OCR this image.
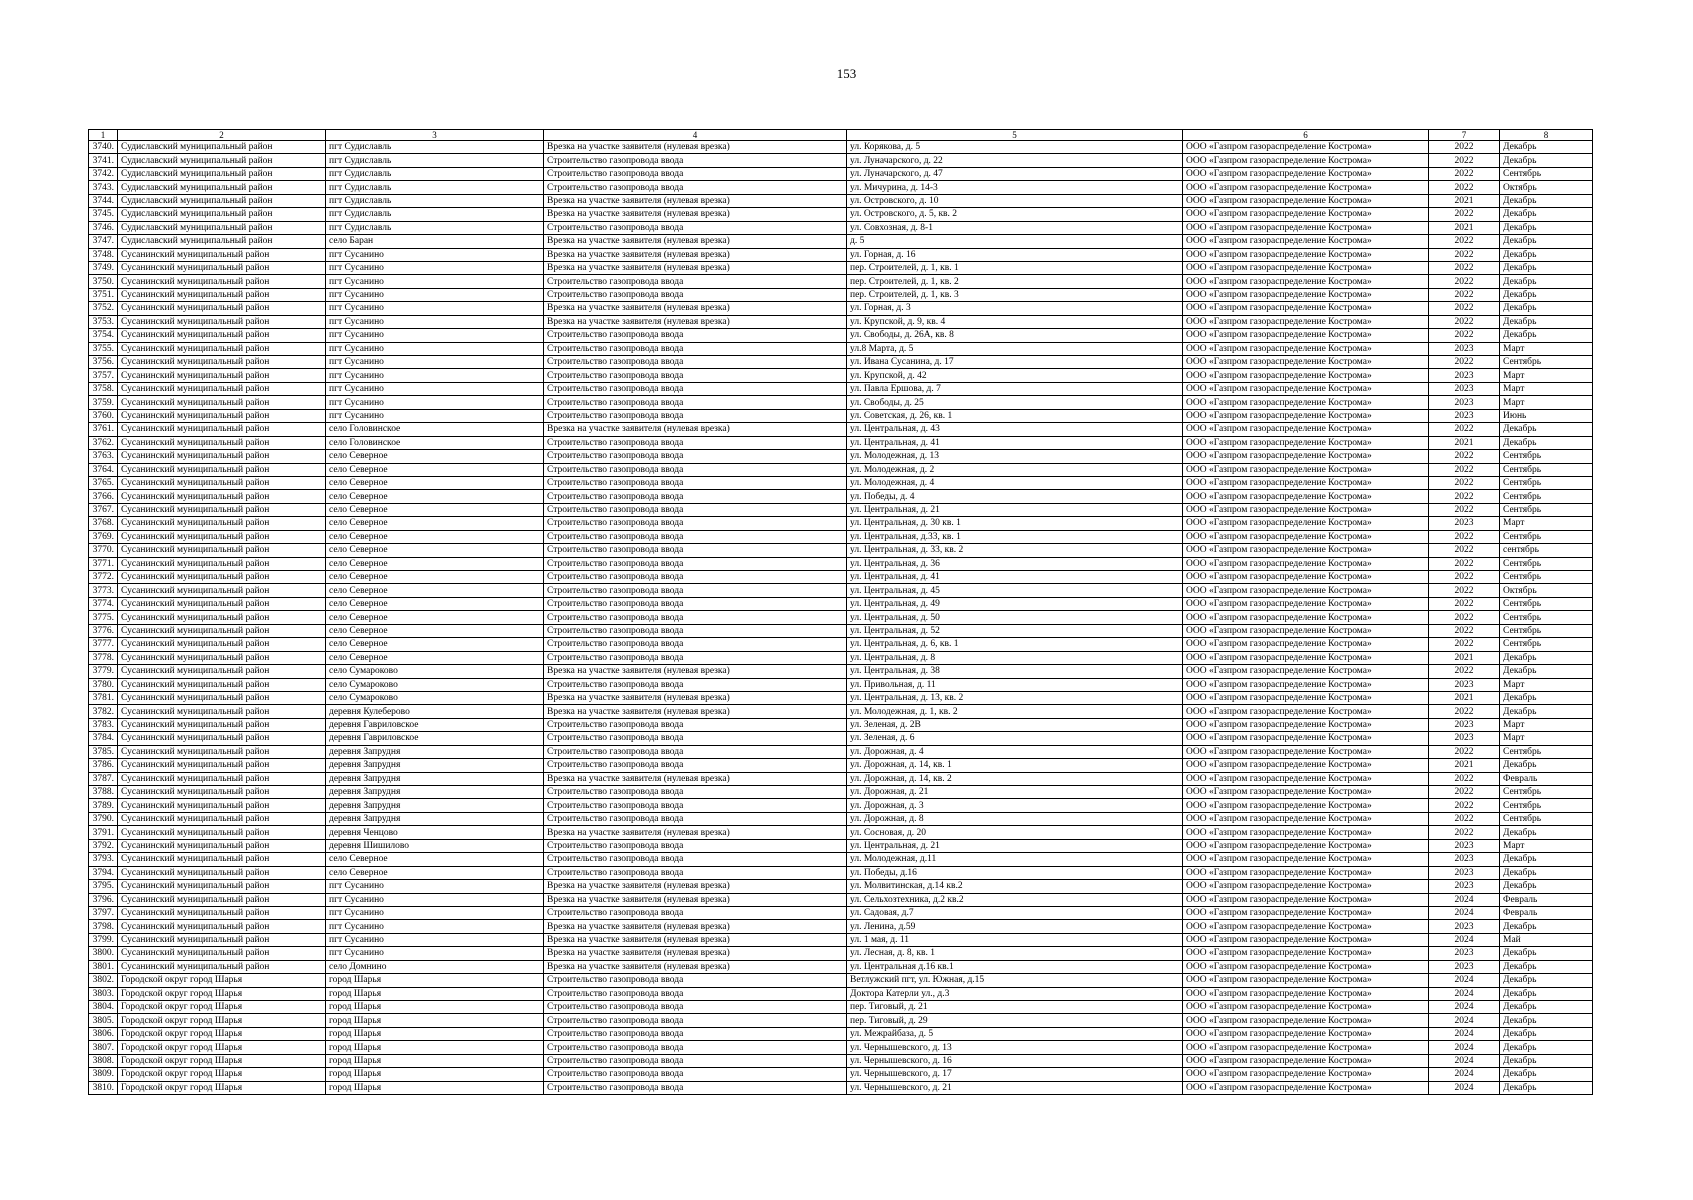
153
1	2	3	4	5	6	7	8
3740.	Судиславский муниципальный район	пгт Судиславль	Врезка на участке заявителя (нулевая врезка)	ул. Корякова, д. 5	ООО «Газпром газораспределение Кострома»	2022	Декабрь
3741.	Судиславский муниципальный район	пгт Судиславль	Строительство газопровода ввода	ул. Луначарского, д. 22	ООО «Газпром газораспределение Кострома»	2022	Декабрь
3742.	Судиславский муниципальный район	пгт Судиславль	Строительство газопровода ввода	ул. Луначарского, д. 47	ООО «Газпром газораспределение Кострома»	2022	Сентябрь
3743.	Судиславский муниципальный район	пгт Судиславль	Строительство газопровода ввода	ул. Мичурина, д. 14-3	ООО «Газпром газораспределение Кострома»	2022	Октябрь
3744.	Судиславский муниципальный район	пгт Судиславль	Врезка на участке заявителя (нулевая врезка)	ул. Островского, д. 10	ООО «Газпром газораспределение Кострома»	2021	Декабрь
3745.	Судиславский муниципальный район	пгт Судиславль	Врезка на участке заявителя (нулевая врезка)	ул. Островского, д. 5, кв. 2	ООО «Газпром газораспределение Кострома»	2022	Декабрь
3746.	Судиславский муниципальный район	пгт Судиславль	Строительство газопровода ввода	ул. Совхозная, д. 8-1	ООО «Газпром газораспределение Кострома»	2021	Декабрь
3747.	Судиславский муниципальный район	село Баран	Врезка на участке заявителя (нулевая врезка)	д. 5	ООО «Газпром газораспределение Кострома»	2022	Декабрь
3748.	Сусанинский муниципальный район	пгт Сусанино	Врезка на участке заявителя (нулевая врезка)	ул. Горная, д. 16	ООО «Газпром газораспределение Кострома»	2022	Декабрь
3749.	Сусанинский муниципальный район	пгт Сусанино	Врезка на участке заявителя (нулевая врезка)	пер. Строителей, д. 1, кв. 1	ООО «Газпром газораспределение Кострома»	2022	Декабрь
3750.	Сусанинский муниципальный район	пгт Сусанино	Строительство газопровода ввода	пер. Строителей, д. 1, кв. 2	ООО «Газпром газораспределение Кострома»	2022	Декабрь
3751.	Сусанинский муниципальный район	пгт Сусанино	Строительство газопровода ввода	пер. Строителей, д. 1, кв. 3	ООО «Газпром газораспределение Кострома»	2022	Декабрь
3752.	Сусанинский муниципальный район	пгт Сусанино	Врезка на участке заявителя (нулевая врезка)	ул. Горная, д. 3	ООО «Газпром газораспределение Кострома»	2022	Декабрь
3753.	Сусанинский муниципальный район	пгт Сусанино	Врезка на участке заявителя (нулевая врезка)	ул. Крупской, д. 9, кв. 4	ООО «Газпром газораспределение Кострома»	2022	Декабрь
3754.	Сусанинский муниципальный район	пгт Сусанино	Строительство газопровода ввода	ул. Свободы, д. 26А, кв. 8	ООО «Газпром газораспределение Кострома»	2022	Декабрь
3755.	Сусанинский муниципальный район	пгт Сусанино	Строительство газопровода ввода	ул.8 Марта, д. 5	ООО «Газпром газораспределение Кострома»	2023	Март
3756.	Сусанинский муниципальный район	пгт Сусанино	Строительство газопровода ввода	ул. Ивана Сусанина, д. 17	ООО «Газпром газораспределение Кострома»	2022	Сентябрь
3757.	Сусанинский муниципальный район	пгт Сусанино	Строительство газопровода ввода	ул. Крупской, д. 42	ООО «Газпром газораспределение Кострома»	2023	Март
3758.	Сусанинский муниципальный район	пгт Сусанино	Строительство газопровода ввода	ул. Павла Ершова, д. 7	ООО «Газпром газораспределение Кострома»	2023	Март
3759.	Сусанинский муниципальный район	пгт Сусанино	Строительство газопровода ввода	ул. Свободы, д. 25	ООО «Газпром газораспределение Кострома»	2023	Март
3760.	Сусанинский муниципальный район	пгт Сусанино	Строительство газопровода ввода	ул. Советская, д. 26, кв. 1	ООО «Газпром газораспределение Кострома»	2023	Июнь
3761.	Сусанинский муниципальный район	село Головинское	Врезка на участке заявителя (нулевая врезка)	ул. Центральная, д. 43	ООО «Газпром газораспределение Кострома»	2022	Декабрь
3762.	Сусанинский муниципальный район	село Головинское	Строительство газопровода ввода	ул. Центральная, д. 41	ООО «Газпром газораспределение Кострома»	2021	Декабрь
3763.	Сусанинский муниципальный район	село Северное	Строительство газопровода ввода	ул. Молодежная, д. 13	ООО «Газпром газораспределение Кострома»	2022	Сентябрь
3764.	Сусанинский муниципальный район	село Северное	Строительство газопровода ввода	ул. Молодежная, д. 2	ООО «Газпром газораспределение Кострома»	2022	Сентябрь
3765.	Сусанинский муниципальный район	село Северное	Строительство газопровода ввода	ул. Молодежная, д. 4	ООО «Газпром газораспределение Кострома»	2022	Сентябрь
3766.	Сусанинский муниципальный район	село Северное	Строительство газопровода ввода	ул. Победы, д. 4	ООО «Газпром газораспределение Кострома»	2022	Сентябрь
3767.	Сусанинский муниципальный район	село Северное	Строительство газопровода ввода	ул. Центральная, д. 21	ООО «Газпром газораспределение Кострома»	2022	Сентябрь
3768.	Сусанинский муниципальный район	село Северное	Строительство газопровода ввода	ул. Центральная, д. 30 кв. 1	ООО «Газпром газораспределение Кострома»	2023	Март
3769.	Сусанинский муниципальный район	село Северное	Строительство газопровода ввода	ул. Центральная, д.33, кв. 1	ООО «Газпром газораспределение Кострома»	2022	Сентябрь
3770.	Сусанинский муниципальный район	село Северное	Строительство газопровода ввода	ул. Центральная, д. 33, кв. 2	ООО «Газпром газораспределение Кострома»	2022	сентябрь
3771.	Сусанинский муниципальный район	село Северное	Строительство газопровода ввода	ул. Центральная, д. 36	ООО «Газпром газораспределение Кострома»	2022	Сентябрь
3772.	Сусанинский муниципальный район	село Северное	Строительство газопровода ввода	ул. Центральная, д. 41	ООО «Газпром газораспределение Кострома»	2022	Сентябрь
3773.	Сусанинский муниципальный район	село Северное	Строительство газопровода ввода	ул. Центральная, д. 45	ООО «Газпром газораспределение Кострома»	2022	Октябрь
3774.	Сусанинский муниципальный район	село Северное	Строительство газопровода ввода	ул. Центральная, д. 49	ООО «Газпром газораспределение Кострома»	2022	Сентябрь
3775.	Сусанинский муниципальный район	село Северное	Строительство газопровода ввода	ул. Центральная, д. 50	ООО «Газпром газораспределение Кострома»	2022	Сентябрь
3776.	Сусанинский муниципальный район	село Северное	Строительство газопровода ввода	ул. Центральная, д. 52	ООО «Газпром газораспределение Кострома»	2022	Сентябрь
3777.	Сусанинский муниципальный район	село Северное	Строительство газопровода ввода	ул. Центральная, д. 6, кв. 1	ООО «Газпром газораспределение Кострома»	2022	Сентябрь
3778.	Сусанинский муниципальный район	село Северное	Строительство газопровода ввода	ул. Центральная, д. 8	ООО «Газпром газораспределение Кострома»	2021	Декабрь
3779.	Сусанинский муниципальный район	село Сумароково	Врезка на участке заявителя (нулевая врезка)	ул. Центральная, д. 38	ООО «Газпром газораспределение Кострома»	2022	Декабрь
3780.	Сусанинский муниципальный район	село Сумароково	Строительство газопровода ввода	ул. Привольная, д. 11	ООО «Газпром газораспределение Кострома»	2023	Март
3781.	Сусанинский муниципальный район	село Сумароково	Врезка на участке заявителя (нулевая врезка)	ул. Центральная, д. 13, кв. 2	ООО «Газпром газораспределение Кострома»	2021	Декабрь
3782.	Сусанинский муниципальный район	деревня Кулеберово	Врезка на участке заявителя (нулевая врезка)	ул. Молодежная, д. 1, кв. 2	ООО «Газпром газораспределение Кострома»	2022	Декабрь
3783.	Сусанинский муниципальный район	деревня Гавриловское	Строительство газопровода ввода	ул. Зеленая, д. 2В	ООО «Газпром газораспределение Кострома»	2023	Март
3784.	Сусанинский муниципальный район	деревня Гавриловское	Строительство газопровода ввода	ул. Зеленая, д. 6	ООО «Газпром газораспределение Кострома»	2023	Март
3785.	Сусанинский муниципальный район	деревня Запрудня	Строительство газопровода ввода	ул. Дорожная, д. 4	ООО «Газпром газораспределение Кострома»	2022	Сентябрь
3786.	Сусанинский муниципальный район	деревня Запрудня	Строительство газопровода ввода	ул. Дорожная, д. 14, кв. 1	ООО «Газпром газораспределение Кострома»	2021	Декабрь
3787.	Сусанинский муниципальный район	деревня Запрудня	Врезка на участке заявителя (нулевая врезка)	ул. Дорожная, д. 14, кв. 2	ООО «Газпром газораспределение Кострома»	2022	Февраль
3788.	Сусанинский муниципальный район	деревня Запрудня	Строительство газопровода ввода	ул. Дорожная, д. 21	ООО «Газпром газораспределение Кострома»	2022	Сентябрь
3789.	Сусанинский муниципальный район	деревня Запрудня	Строительство газопровода ввода	ул. Дорожная, д. 3	ООО «Газпром газораспределение Кострома»	2022	Сентябрь
3790.	Сусанинский муниципальный район	деревня Запрудня	Строительство газопровода ввода	ул. Дорожная, д. 8	ООО «Газпром газораспределение Кострома»	2022	Сентябрь
3791.	Сусанинский муниципальный район	деревня Ченцово	Врезка на участке заявителя (нулевая врезка)	ул. Сосновая, д. 20	ООО «Газпром газораспределение Кострома»	2022	Декабрь
3792.	Сусанинский муниципальный район	деревня Шишилово	Строительство газопровода ввода	ул. Центральная, д. 21	ООО «Газпром газораспределение Кострома»	2023	Март
3793.	Сусанинский муниципальный район	село Северное	Строительство газопровода ввода	ул. Молодежная, д.11	ООО «Газпром газораспределение Кострома»	2023	Декабрь
3794.	Сусанинский муниципальный район	село Северное	Строительство газопровода ввода	ул. Победы, д.16	ООО «Газпром газораспределение Кострома»	2023	Декабрь
3795.	Сусанинский муниципальный район	пгт Сусанино	Врезка на участке заявителя (нулевая врезка)	ул. Молвитинская, д.14 кв.2	ООО «Газпром газораспределение Кострома»	2023	Декабрь
3796.	Сусанинский муниципальный район	пгт Сусанино	Врезка на участке заявителя (нулевая врезка)	ул. Сельхозтехника, д.2 кв.2	ООО «Газпром газораспределение Кострома»	2024	Февраль
3797.	Сусанинский муниципальный район	пгт Сусанино	Строительство газопровода ввода	ул. Садовая, д.7	ООО «Газпром газораспределение Кострома»	2024	Февраль
3798.	Сусанинский муниципальный район	пгт Сусанино	Врезка на участке заявителя (нулевая врезка)	ул. Ленина, д.59	ООО «Газпром газораспределение Кострома»	2023	Декабрь
3799.	Сусанинский муниципальный район	пгт Сусанино	Врезка на участке заявителя (нулевая врезка)	ул. 1 мая, д. 11	ООО «Газпром газораспределение Кострома»	2024	Май
3800.	Сусанинский муниципальный район	пгт Сусанино	Врезка на участке заявителя (нулевая врезка)	ул. Лесная, д. 8, кв. 1	ООО «Газпром газораспределение Кострома»	2023	Декабрь
3801.	Сусанинский муниципальный район	село Домнино	Врезка на участке заявителя (нулевая врезка)	ул. Центральная д.16 кв.1	ООО «Газпром газораспределение Кострома»	2023	Декабрь
3802.	Городской округ город Шарья	город Шарья	Строительство газопровода ввода	Ветлужский пгт, ул. Южная, д.15	ООО «Газпром газораспределение Кострома»	2024	Декабрь
3803.	Городской округ город Шарья	город Шарья	Строительство газопровода ввода	Доктора Катерли ул., д.3	ООО «Газпром газораспределение Кострома»	2024	Декабрь
3804.	Городской округ город Шарья	город Шарья	Строительство газопровода ввода	пер. Тиговый, д. 21	ООО «Газпром газораспределение Кострома»	2024	Декабрь
3805.	Городской округ город Шарья	город Шарья	Строительство газопровода ввода	пер. Тиговый, д. 29	ООО «Газпром газораспределение Кострома»	2024	Декабрь
3806.	Городской округ город Шарья	город Шарья	Строительство газопровода ввода	ул. Межрайбаза, д. 5	ООО «Газпром газораспределение Кострома»	2024	Декабрь
3807.	Городской округ город Шарья	город Шарья	Строительство газопровода ввода	ул. Чернышевского, д. 13	ООО «Газпром газораспределение Кострома»	2024	Декабрь
3808.	Городской округ город Шарья	город Шарья	Строительство газопровода ввода	ул. Чернышевского, д. 16	ООО «Газпром газораспределение Кострома»	2024	Декабрь
3809.	Городской округ город Шарья	город Шарья	Строительство газопровода ввода	ул. Чернышевского, д. 17	ООО «Газпром газораспределение Кострома»	2024	Декабрь
3810.	Городской округ город Шарья	город Шарья	Строительство газопровода ввода	ул. Чернышевского, д. 21	ООО «Газпром газораспределение Кострома»	2024	Декабрь
